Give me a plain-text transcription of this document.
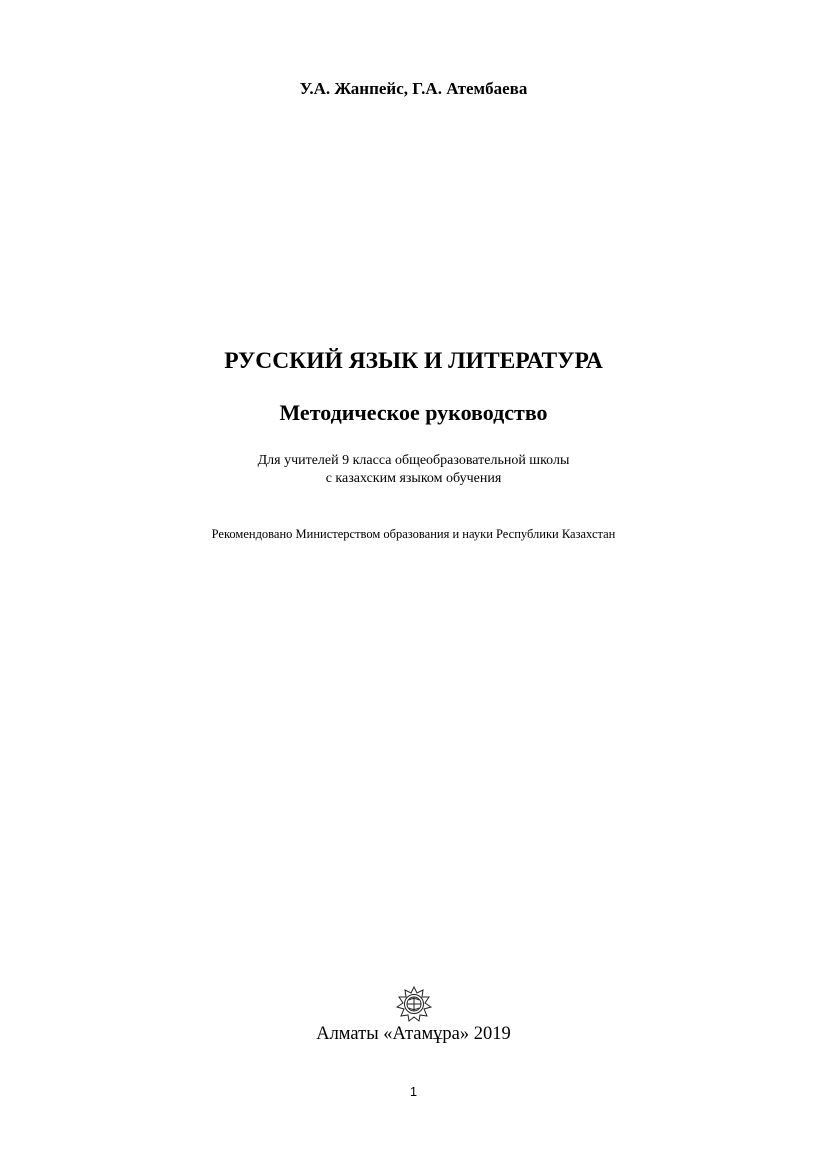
У.А. Жанпейс, Г.А. Атембаева

РУССКИЙ ЯЗЫК И ЛИТЕРАТУРА
Методическое руководство

Для учителей 9 класса общеобразовательной школы

с казахским языком обучения

Рекомендовано Министерством образования и науки Республики Казахстан

Алматы «Атамұра» 2019

1
